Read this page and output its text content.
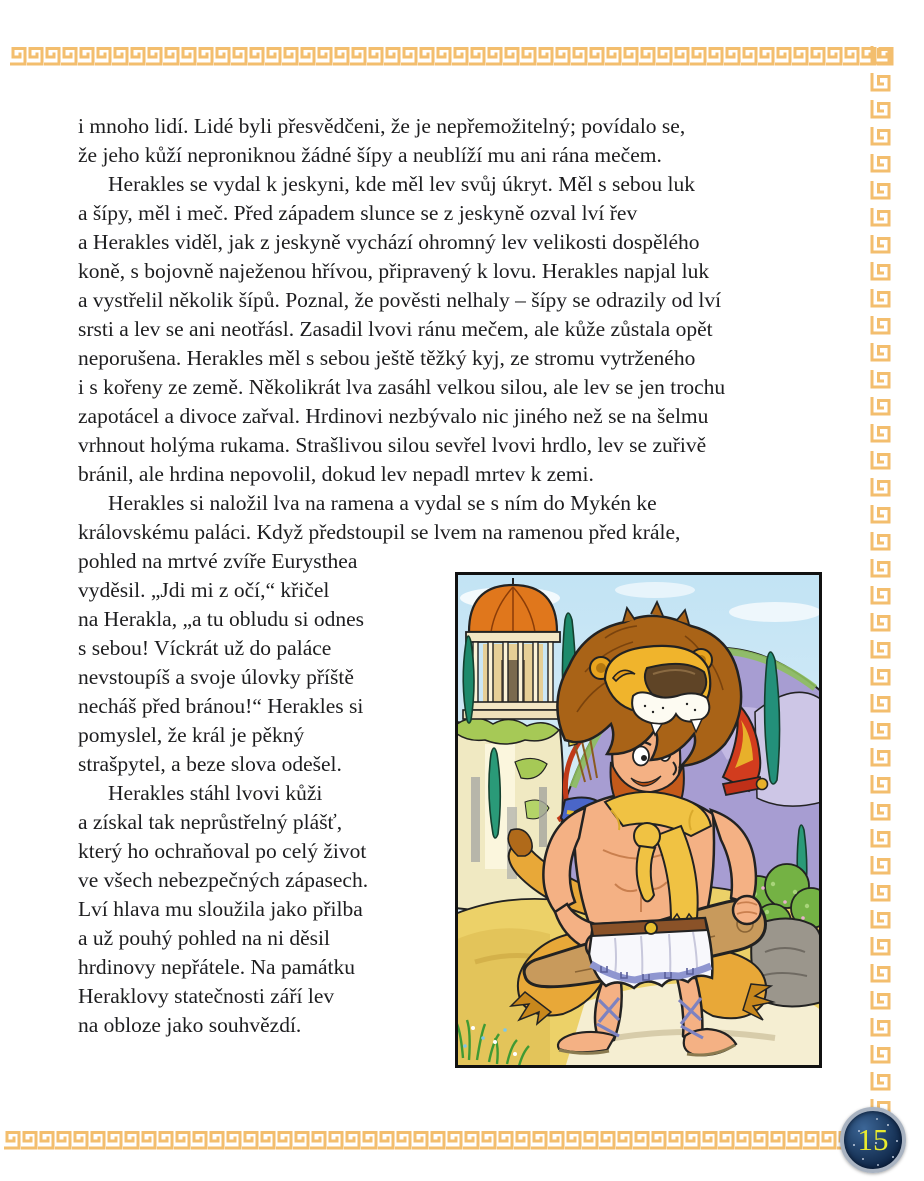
i mnoho lidí. Lidé byli přesvědčeni, že je nepřemožitelný; povídalo se,
že jeho kůží neproniknou žádné šípy a neublíží mu ani rána mečem.
Herakles se vydal k jeskyni, kde měl lev svůj úkryt. Měl s sebou luk
a šípy, měl i meč. Před západem slunce se z jeskyně ozval lví řev
a Herakles viděl, jak z jeskyně vychází ohromný lev velikosti dospělého
koně, s bojovně naježenou hřívou, připravený k lovu. Herakles napjal luk
a vystřelil několik šípů. Poznal, že pověsti nelhaly – šípy se odrazily od lví
srsti a lev se ani neotřásl. Zasadil lvovi ránu mečem, ale kůže zůstala opět
neporušena. Herakles měl s sebou ještě těžký kyj, ze stromu vytrženého
i s kořeny ze země. Několikrát lva zasáhl velkou silou, ale lev se jen trochu
zapotácel a divoce zařval. Hrdinovi nezbývalo nic jiného než se na šelmu
vrhnout holýma rukama. Strašlivou silou sevřel lvovi hrdlo, lev se zuřivě
bránil, ale hrdina nepovolil, dokud lev nepadl mrtev k zemi.
Herakles si naložil lva na ramena a vydal se s ním do Mykén ke
královskému paláci. Když předstoupil se lvem na ramenou před krále,
pohled na mrtvé zvíře Eurysthea
vyděsil. „Jdi mi z očí,“ křičel
na Herakla, „a tu obludu si odnes
s sebou! Víckrát už do paláce
nevstoupíš a svoje úlovky příště
necháš před bránou!“ Herakles si
pomyslel, že král je pěkný
strašpytel, a beze slova odešel.
Herakles stáhl lvovi kůži
a získal tak neprůstřelný plášť,
který ho ochraňoval po celý život
ve všech nebezpečných zápasech.
Lví hlava mu sloužila jako přilba
a už pouhý pohled na ni děsil
hrdinovy nepřátele. Na památku
Heraklovy statečnosti září lev
na obloze jako souhvězdí.
15
